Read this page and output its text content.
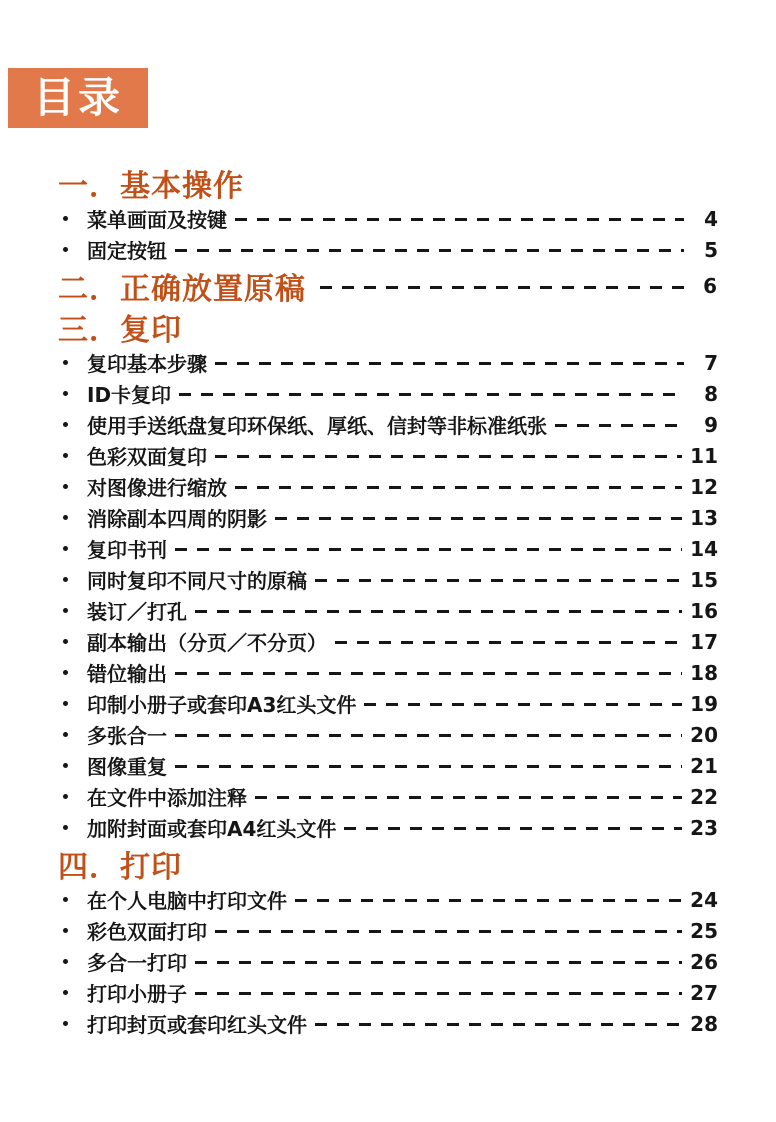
目录
一．基本操作
菜单画面及按键	4
固定按钮	5
二．正确放置原稿	6
三．复印
复印基本步骤	7
ID卡复印	8
使用手送纸盘复印环保纸、厚纸、信封等非标准纸张	9
色彩双面复印	11
对图像进行缩放	12
消除副本四周的阴影	13
复印书刊	14
同时复印不同尺寸的原稿	15
装订／打孔	16
副本输出（分页／不分页）	17
错位输出	18
印制小册子或套印A3红头文件	19
多张合一	20
图像重复	21
在文件中添加注释	22
加附封面或套印A4红头文件	23
四．打印
在个人电脑中打印文件	24
彩色双面打印	25
多合一打印	26
打印小册子	27
打印封页或套印红头文件	28
